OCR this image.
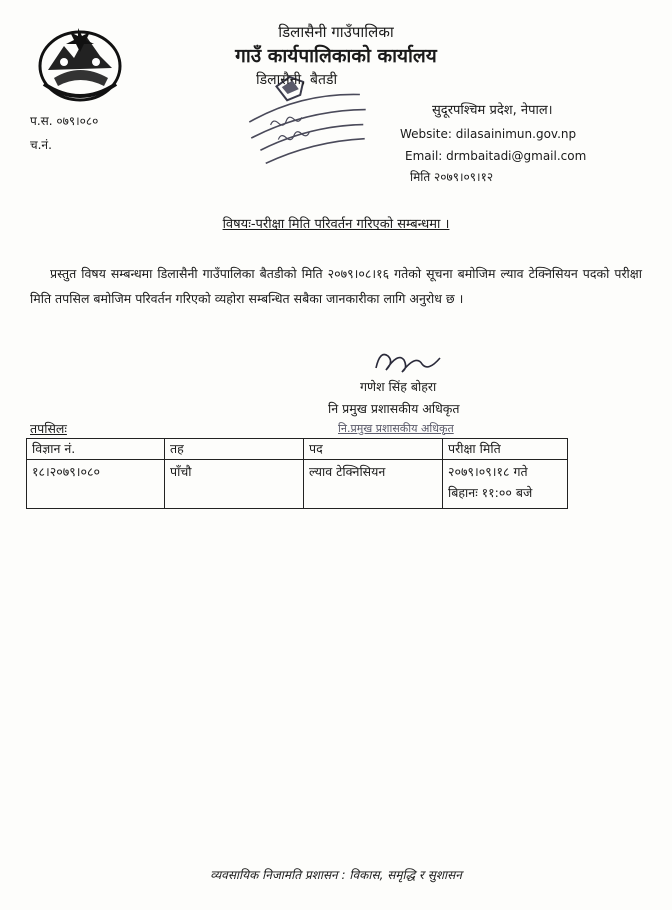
डिलासैनी गाउँपालिका
गाउँ कार्यपालिकाको कार्यालय
डिलासैनी, बैतडी
प.स. ०७९।०८०
च.नं.
सुदूरपश्चिम प्रदेश, नेपाल।
Website: dilasainimun.gov.np
Email: drmbaitadi@gmail.com
मिति २०७९।०९।१२
विषयः-परीक्षा मिति परिवर्तन गरिएको सम्बन्धमा ।
प्रस्तुत विषय सम्बन्धमा डिलासैनी गाउँपालिका बैतडीको मिति २०७९।०८।१६ गतेको सूचना बमोजिम ल्याव टेक्निसियन पदको परीक्षा मिति तपसिल बमोजिम परिवर्तन गरिएको व्यहोरा सम्बन्धित सबैका जानकारीका लागि अनुरोध छ ।
गणेश सिंह बोहरा
नि प्रमुख प्रशासकीय अधिकृत
नि.प्रमुख प्रशासकीय अधिकृत
तपसिलः
विज्ञान नं.	तह	पद	परीक्षा मिति
१८।२०७९।०८०	पाँचौ	ल्याव टेक्निसियन	२०७९।०९।१८ गते
बिहानः ११:०० बजे
व्यवसायिक निजामति प्रशासन : विकास, समृद्धि र सुशासन
